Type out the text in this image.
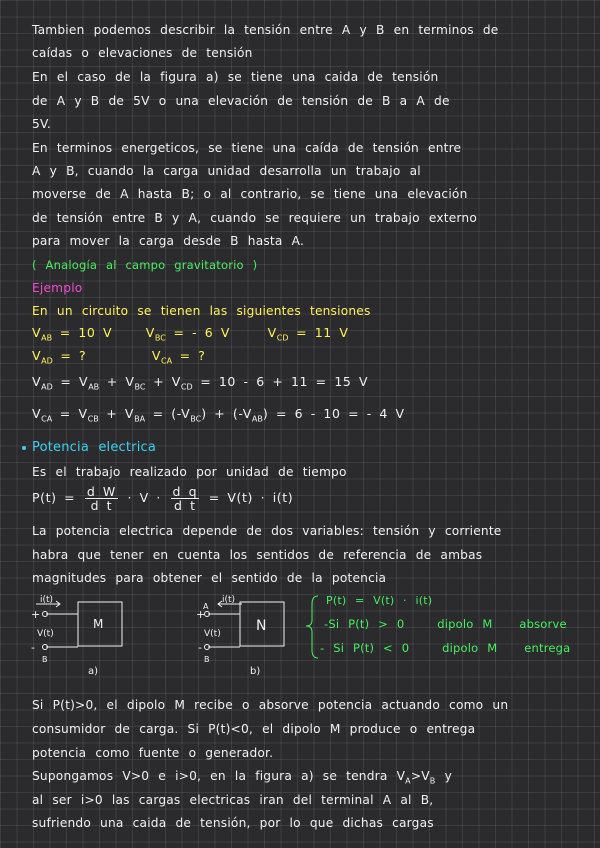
Tambien podemos describir la tensión entre A y B en terminos de
caídas o elevaciones de tensión
En el caso de la figura a) se tiene una caida de tensión
de A y B de 5V o una elevación de tensión de B a A de
5V.
En terminos energeticos, se tiene una caída de tensión entre
A y B, cuando la carga unidad desarrolla un trabajo al
moverse de A hasta B; o al contrario, se tiene una elevación
de tensión entre B y A, cuando se requiere un trabajo externo
para mover la carga desde B hasta A.
( Analogía al campo gravitatorio )
Ejemplo
En un circuito se tienen las siguientes tensiones
$V_{AB} = 10$ V	$V_{BC}$ = - 6 V	$V_{CD} = 11$ V
$V_{AD}$ = ?	$V_{CA}$ = ?
$V_{AD} = V_{AB} + V_{BC} + V_{CD} = 10 - 6 + 11 = 15$ V
$V_{CA} = V_{CB} + V_{BA} = (-V_{BC}) + (-V_{AB}) = 6 - 10$ = - 4 V
Potencia electrica
Es el trabajo realizado por unidad de tiempo
$P(t) = \frac{\text{d W}}{\text{d t}} \cdot V \cdot \frac{\text{d q}}{\text{d t}} = V(t) \cdot i(t)$
La potencia electrica depende de dos variables: tensión y corriente
habra que tener en cuenta los sentidos de referencia de ambas
magnitudes para obtener el sentido de la potencia
i(t)
+
V(t)
-
B
M
a)
i(t)
+
A
V(t)
-
B
N
b)
P(t) = V(t) · i(t)
-Si P(t) > 0	dipolo M absorve
- Si P(t) < 0	dipolo M entrega
Si P(t)>0, el dipolo M recibe o absorve potencia actuando como un
consumidor de carga. Si P(t)<0, el dipolo M produce o entrega
potencia como fuente o generador.
Supongamos V>0 e i>0, en la figura a) se tendra $V_A>V_B$ y
al ser i>0 las cargas electricas iran del terminal A al B,
sufriendo una caida de tensión, por lo que dichas cargas
